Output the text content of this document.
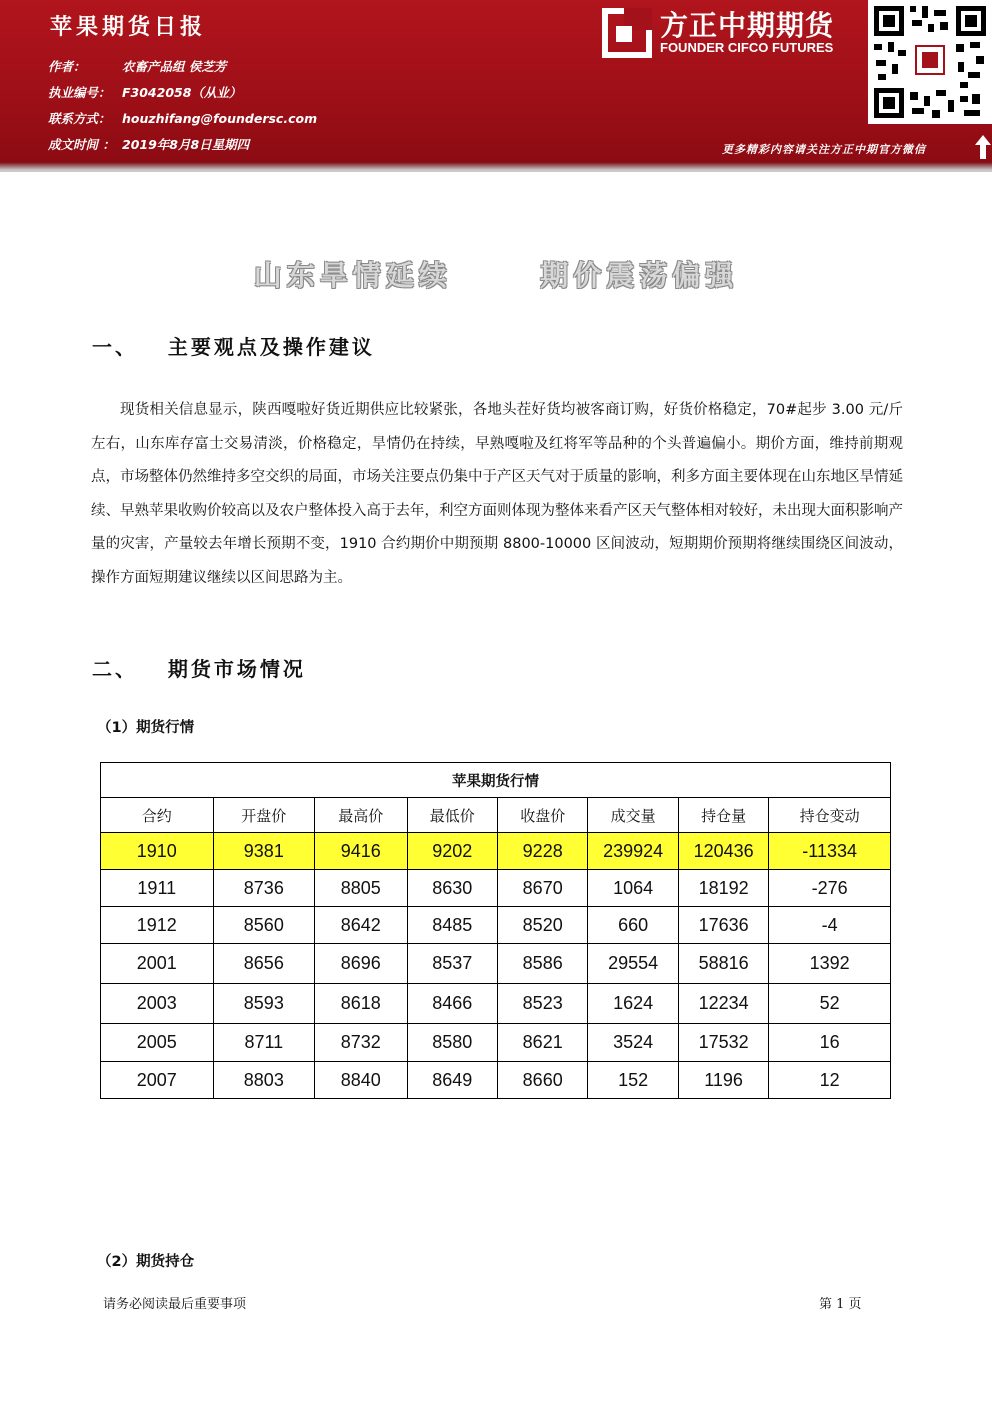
苹果期货日报
作者：	农畜产品组 侯芝芳
执业编号： F3042058（从业）
联系方式： houzhifang@foundersc.com
成文时间 ： 2019年8月8日星期四
方正中期期货
FOUNDER CIFCO FUTURES
更多精彩内容请关注方正中期官方微信
山东旱情延续      期价震荡偏强
一、   主要观点及操作建议
现货相关信息显示，陕西嘎啦好货近期供应比较紧张，各地头茬好货均被客商订购，好货价格稳定，70#起步 3.00 元/斤左右，山东库存富士交易清淡，价格稳定，旱情仍在持续，早熟嘎啦及红将军等品种的个头普遍偏小。期价方面，维持前期观点，市场整体仍然维持多空交织的局面，市场关注要点仍集中于产区天气对于质量的影响，利多方面主要体现在山东地区旱情延续、早熟苹果收购价较高以及农户整体投入高于去年，利空方面则体现为整体来看产区天气整体相对较好，未出现大面积影响产量的灾害，产量较去年增长预期不变，1910 合约期价中期预期 8800-10000 区间波动，短期期价预期将继续围绕区间波动，操作方面短期建议继续以区间思路为主。
二、   期货市场情况
（1）期货行情
苹果期货行情							
合约	开盘价	最高价	最低价	收盘价	成交量	持仓量	持仓变动
1910	9381	9416	9202	9228	239924	120436	-11334
1911	8736	8805	8630	8670	1064	18192	-276
1912	8560	8642	8485	8520	660	17636	-4
2001	8656	8696	8537	8586	29554	58816	1392
2003	8593	8618	8466	8523	1624	12234	52
2005	8711	8732	8580	8621	3524	17532	16
2007	8803	8840	8649	8660	152	1196	12
（2）期货持仓
请务必阅读最后重要事项	第 1 页
